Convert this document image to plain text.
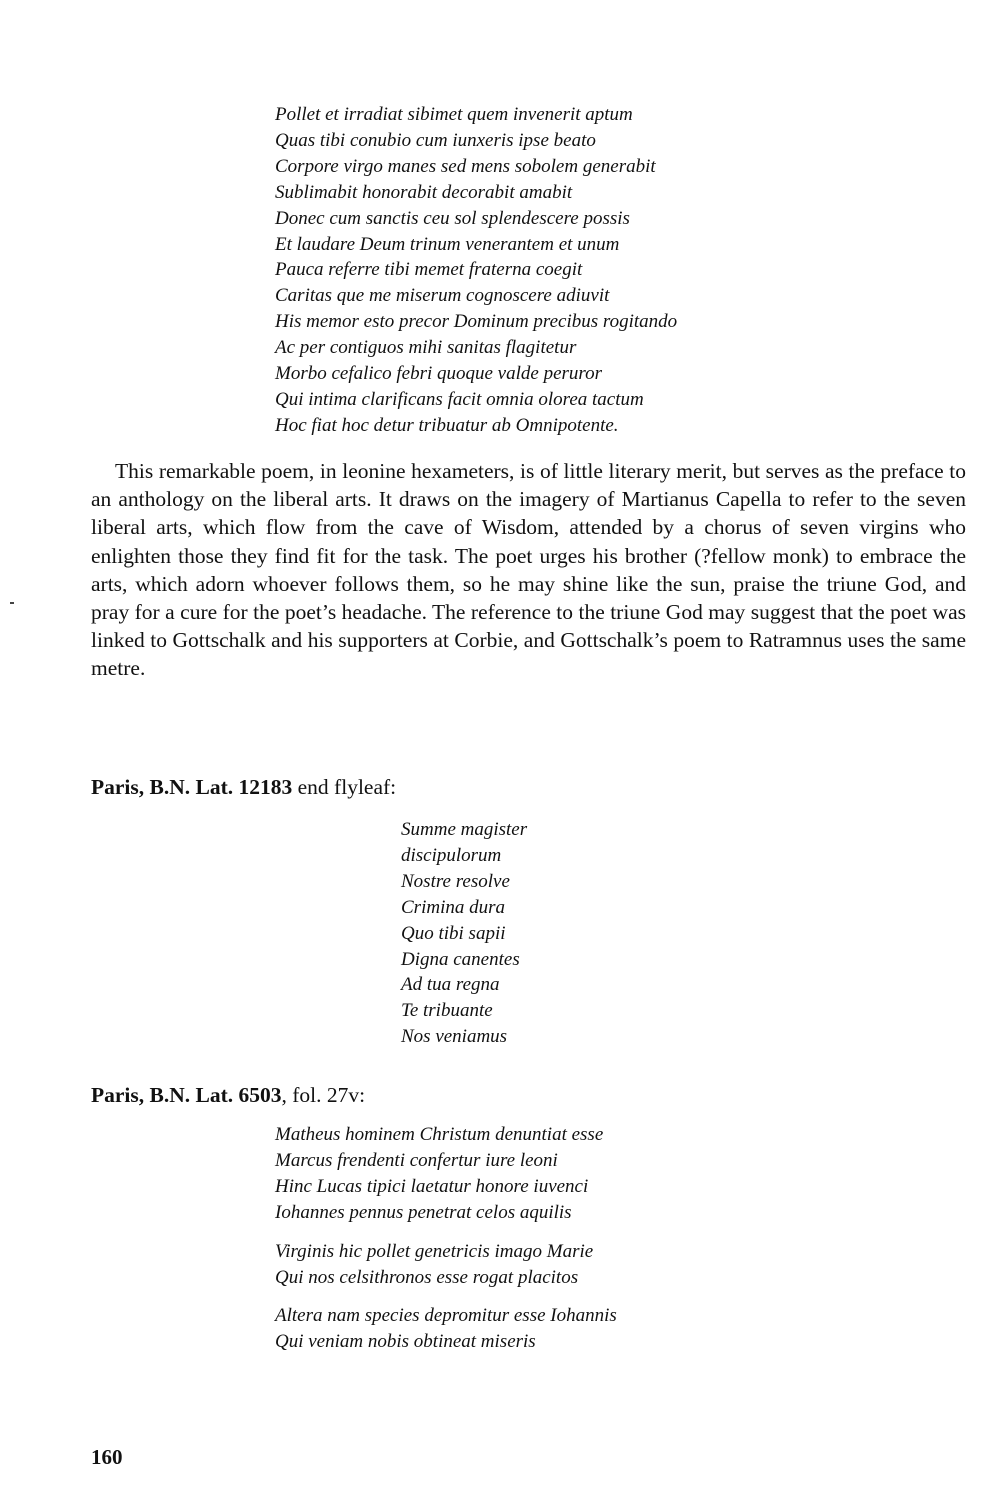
Pollet et irradiat sibimet quem invenerit aptum
Quas tibi conubio cum iunxeris ipse beato
Corpore virgo manes sed mens sobolem generabit
Sublimabit honorabit decorabit amabit
Donec cum sanctis ceu sol splendescere possis
Et laudare Deum trinum venerantem et unum
Pauca referre tibi memet fraterna coegit
Caritas que me miserum cognoscere adiuvit
His memor esto precor Dominum precibus rogitando
Ac per contiguos mihi sanitas flagitetur
Morbo cefalico febri quoque valde peruror
Qui intima clarificans facit omnia olorea tactum
Hoc fiat hoc detur tribuatur ab Omnipotente.

This remarkable poem, in leonine hexameters, is of little literary merit, but serves as the preface to an anthology on the liberal arts. It draws on the imagery of Martianus Capella to refer to the seven liberal arts, which flow from the cave of Wisdom, attended by a chorus of seven virgins who enlighten those they find fit for the task. The poet urges his brother (?fellow monk) to embrace the arts, which adorn whoever follows them, so he may shine like the sun, praise the triune God, and pray for a cure for the poet’s headache. The reference to the triune God may suggest that the poet was linked to Gottschalk and his supporters at Corbie, and Gottschalk’s poem to Ratramnus uses the same metre.

Paris, B.N. Lat. 12183 end flyleaf:

Summe magister
discipulorum
Nostre resolve
Crimina dura
Quo tibi sapii
Digna canentes
Ad tua regna
Te tribuante
Nos veniamus

Paris, B.N. Lat. 6503, fol. 27v:

Matheus hominem Christum denuntiat esse
Marcus frendenti confertur iure leoni
Hinc Lucas tipici laetatur honore iuvenci
Iohannes pennus penetrat celos aquilis
Virginis hic pollet genetricis imago Marie
Qui nos celsithronos esse rogat placitos
Altera nam species depromitur esse Iohannis
Qui veniam nobis obtineat miseris

160
